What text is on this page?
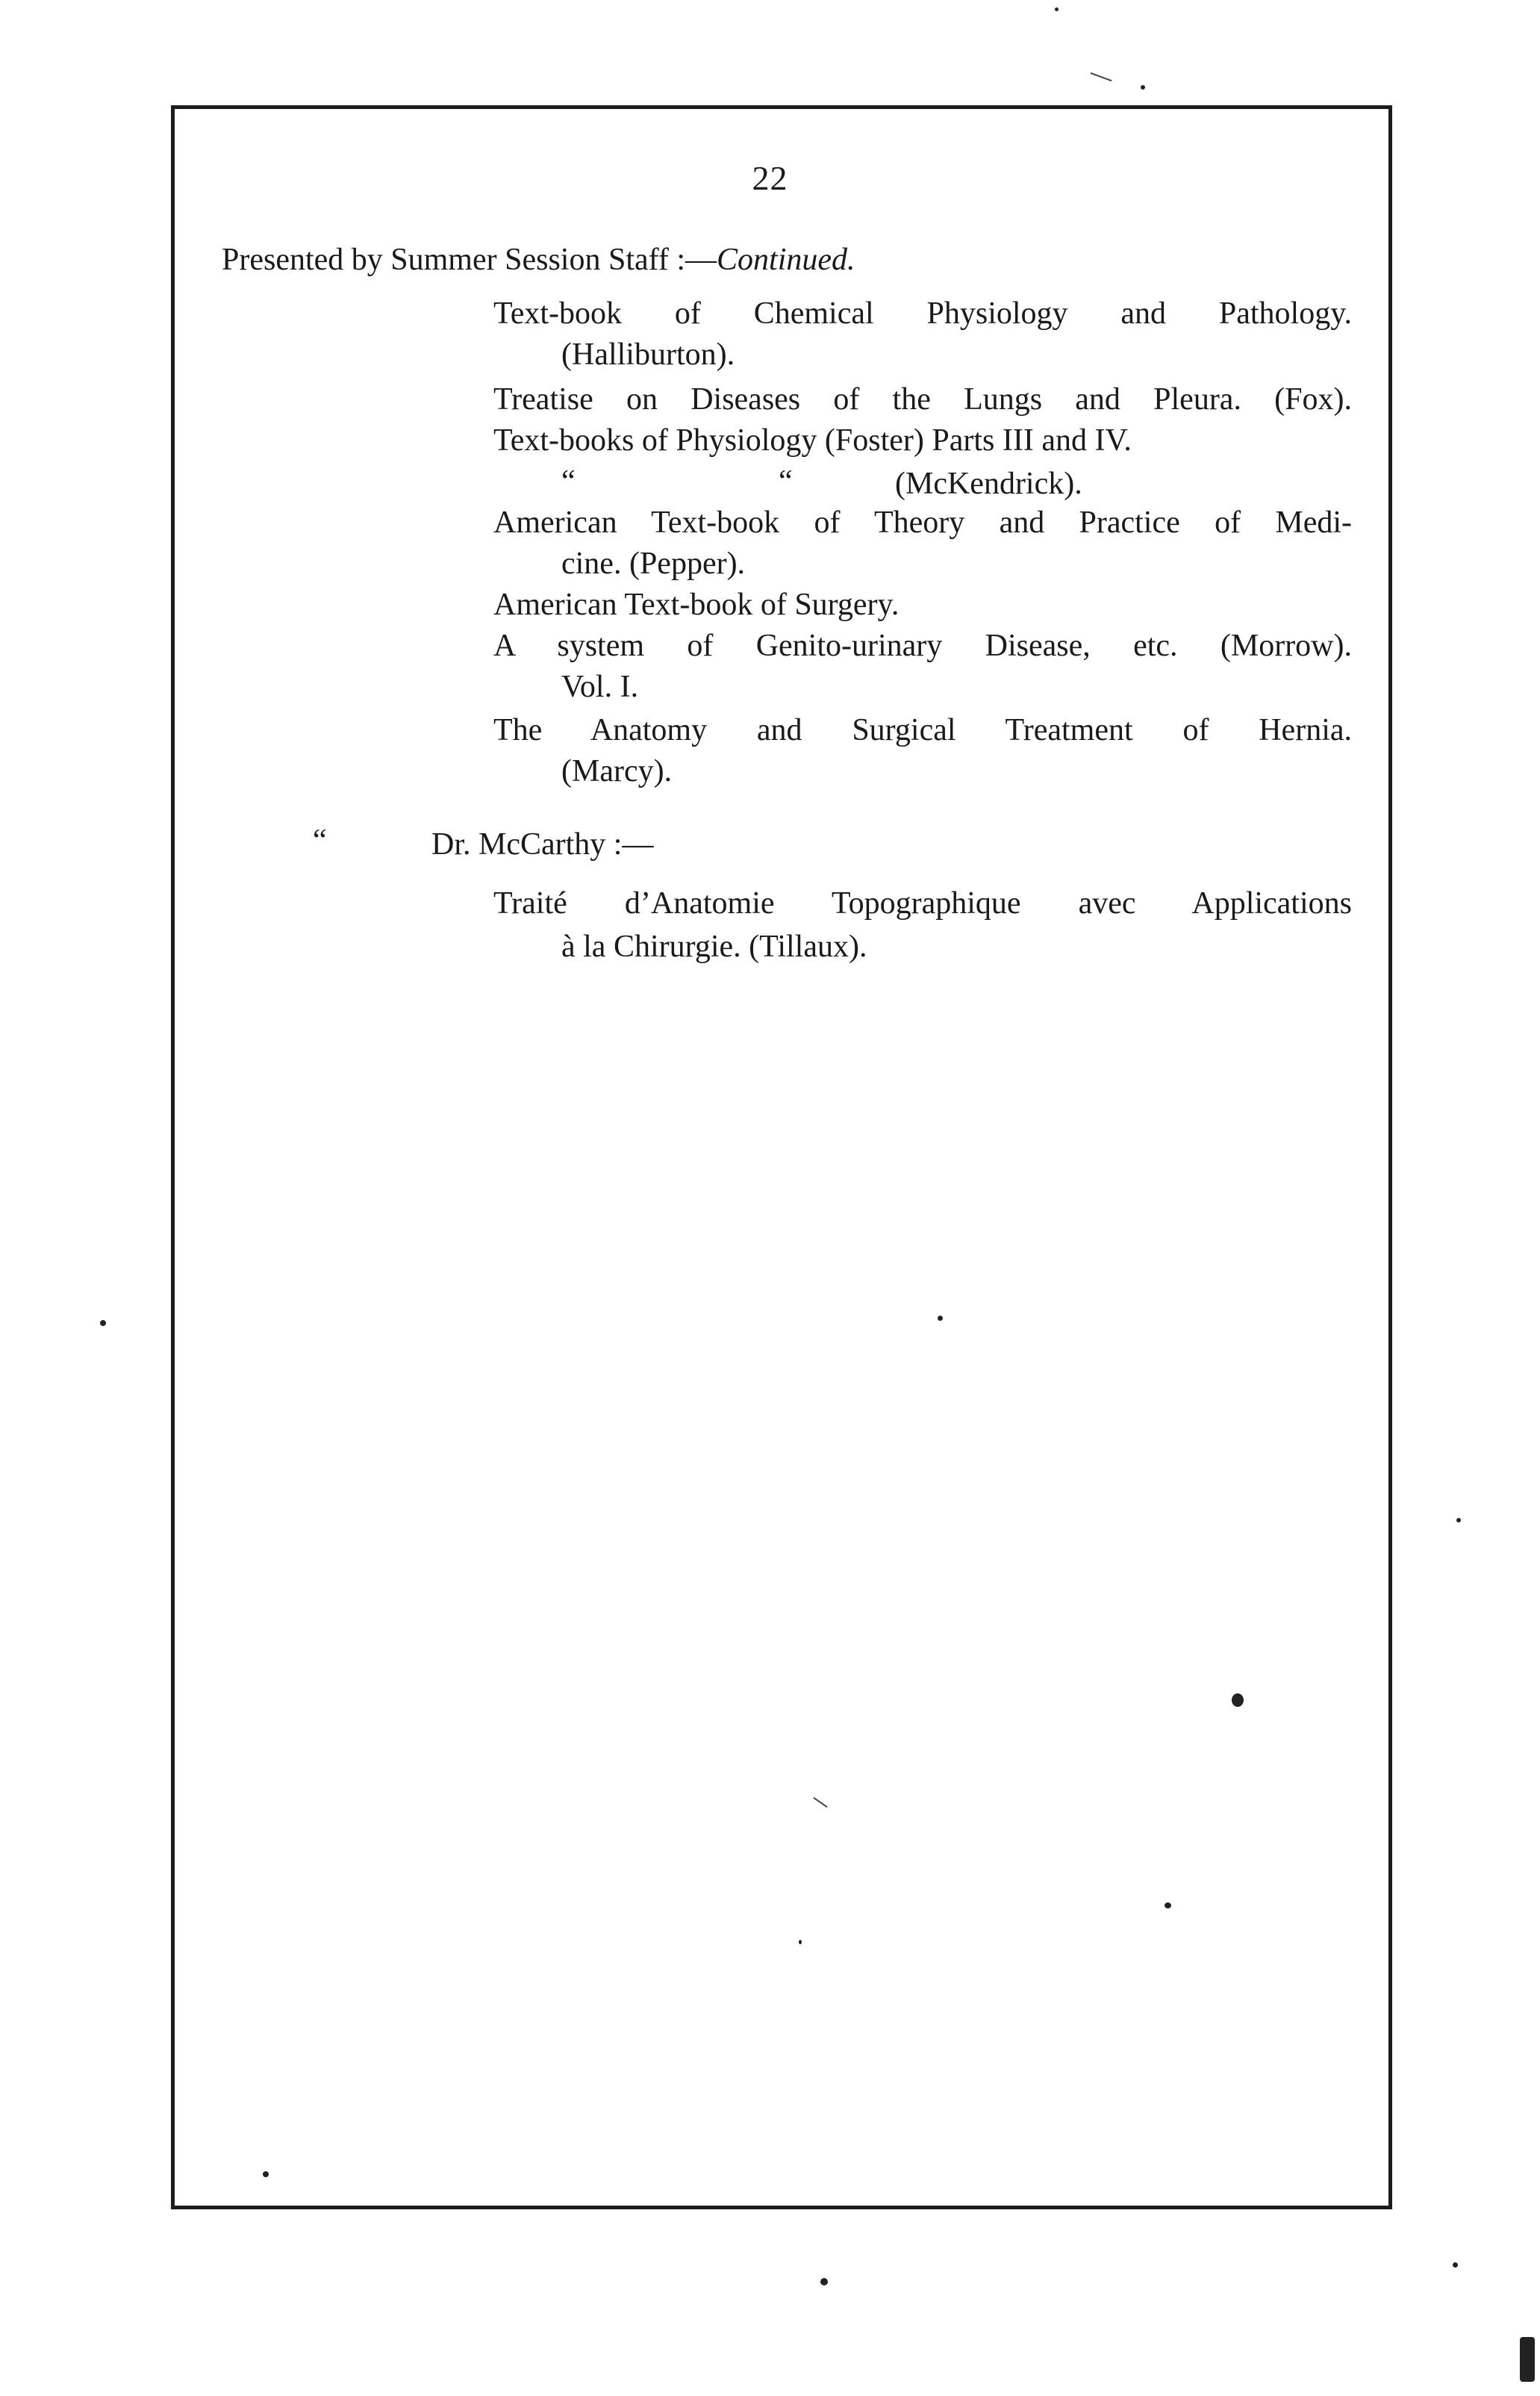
22
Presented by Summer Session Staff :—Continued.
Text-book of Chemical Physiology and Pathology.
(Halliburton).
Treatise on Diseases of the Lungs and Pleura. (Fox).
Text-books of Physiology (Foster) Parts III and IV.
“	“	(McKendrick).
American Text-book of Theory and Practice of Medi-
cine. (Pepper).
American Text-book of Surgery.
A system of Genito-urinary Disease, etc. (Morrow).
Vol. I.
The Anatomy and Surgical Treatment of Hernia.
(Marcy).
“	Dr. McCarthy :—
Traité d’Anatomie Topographique avec Applications
à la Chirurgie. (Tillaux).
